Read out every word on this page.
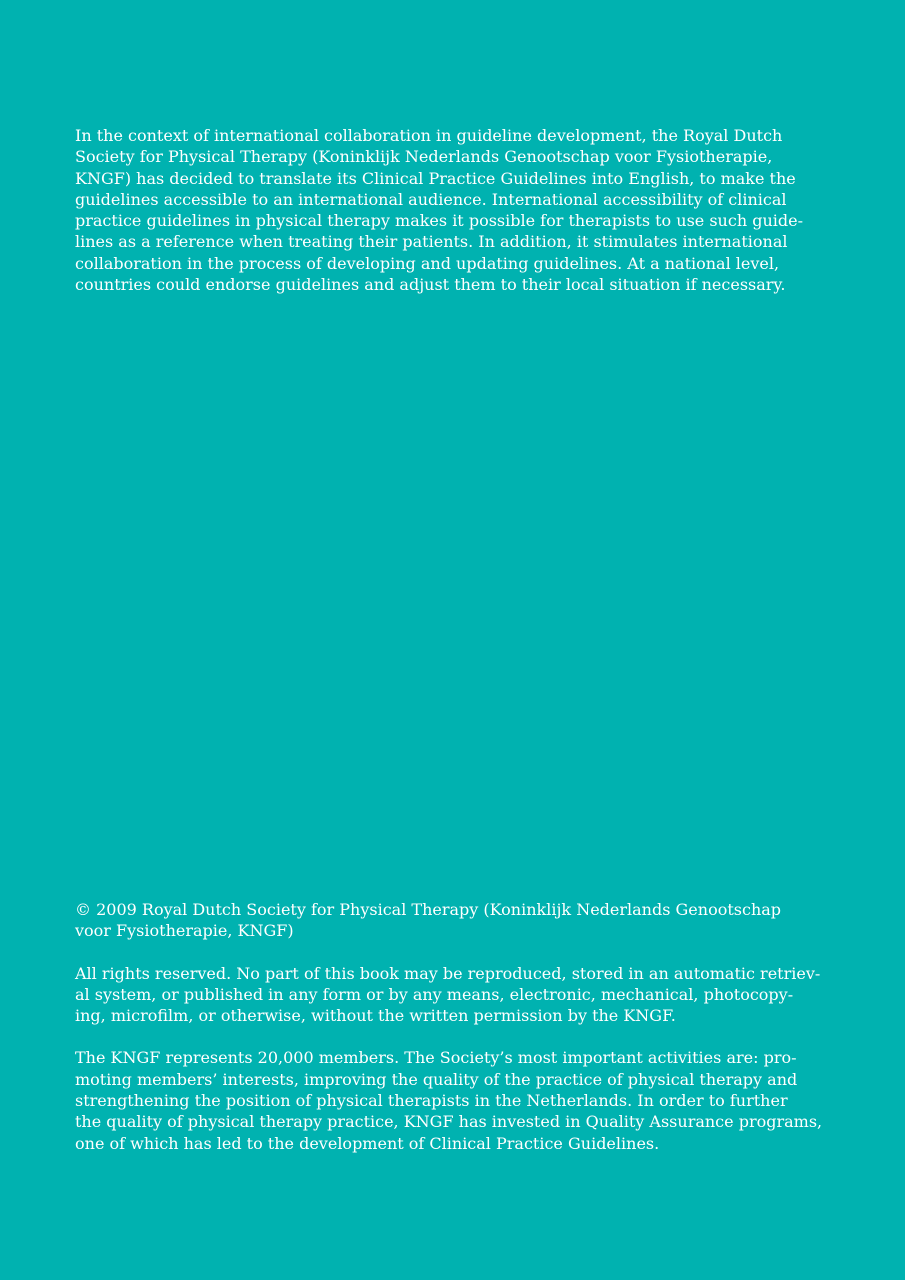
In the context of international collaboration in guideline development, the Royal Dutch
Society for Physical Therapy (Koninklijk Nederlands Genootschap voor Fysiotherapie,
KNGF) has decided to translate its Clinical Practice Guidelines into English, to make the
guidelines accessible to an international audience. International accessibility of clinical
practice guidelines in physical therapy makes it possible for therapists to use such guide-
lines as a reference when treating their patients. In addition, it stimulates international
collaboration in the process of developing and updating guidelines. At a national level,
countries could endorse guidelines and adjust them to their local situation if necessary.
© 2009 Royal Dutch Society for Physical Therapy (Koninklijk Nederlands Genootschap
voor Fysiotherapie, KNGF)
All rights reserved. No part of this book may be reproduced, stored in an automatic retriev-
al system, or published in any form or by any means, electronic, mechanical, photocopy-
ing, microfilm, or otherwise, without the written permission by the KNGF.
The KNGF represents 20,000 members. The Society’s most important activities are: pro-
moting members’ interests, improving the quality of the practice of physical therapy and
strengthening the position of physical therapists in the Netherlands. In order to further
the quality of physical therapy practice, KNGF has invested in Quality Assurance programs,
one of which has led to the development of Clinical Practice Guidelines.
